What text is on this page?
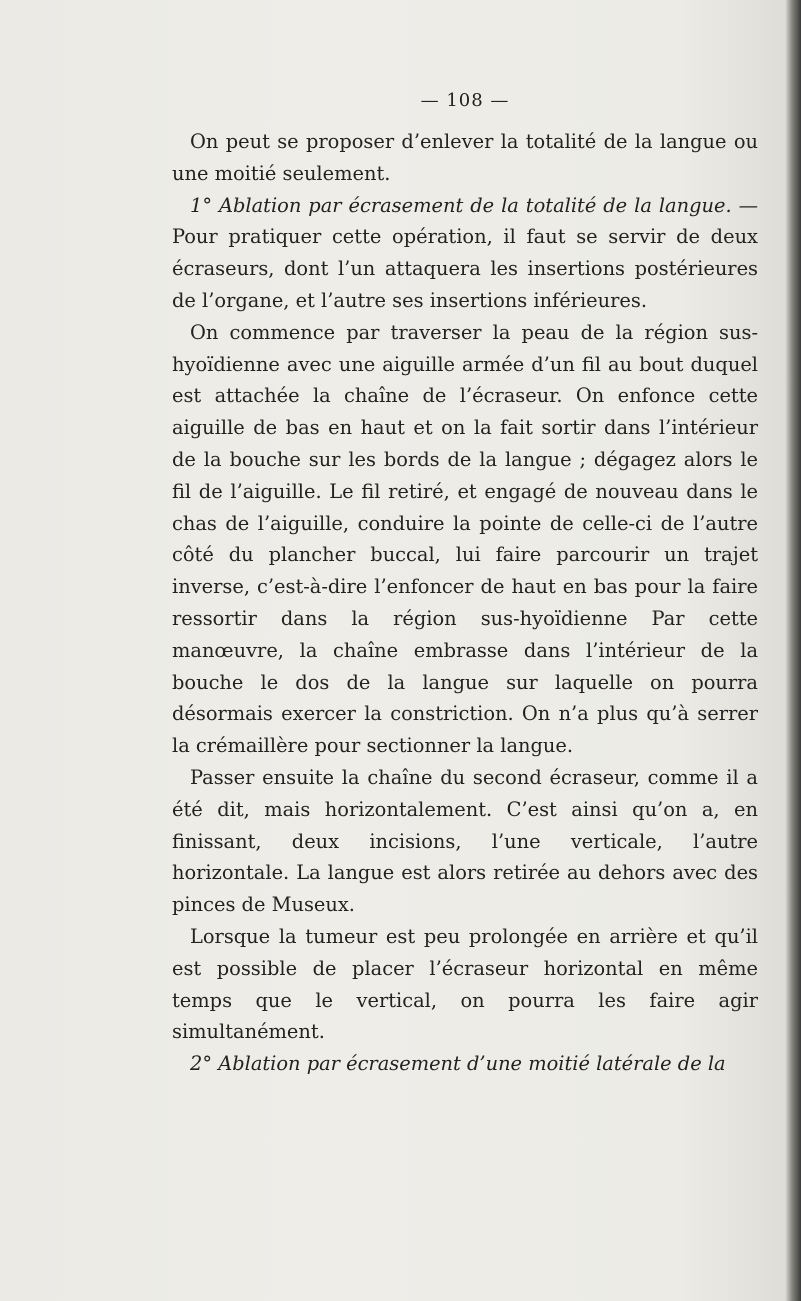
— 108 —

On peut se proposer d’enlever la totalité de la langue ou une moitié seulement.

1° Ablation par écrasement de la totalité de la langue. — Pour pratiquer cette opération, il faut se servir de deux écraseurs, dont l’un attaquera les insertions postérieures de l’organe, et l’autre ses insertions inférieures.

On commence par traverser la peau de la région sus-hyoïdienne avec une aiguille armée d’un fil au bout duquel est attachée la chaîne de l’écraseur. On enfonce cette aiguille de bas en haut et on la fait sortir dans l’intérieur de la bouche sur les bords de la langue ; dégagez alors le fil de l’aiguille. Le fil retiré, et engagé de nouveau dans le chas de l’aiguille, conduire la pointe de celle-ci de l’autre côté du plancher buccal, lui faire parcourir un trajet inverse, c’est-à-dire l’enfoncer de haut en bas pour la faire ressortir dans la région sus-hyoïdienne Par cette manœuvre, la chaîne embrasse dans l’intérieur de la bouche le dos de la langue sur laquelle on pourra désormais exercer la constriction. On n’a plus qu’à serrer la crémaillère pour sectionner la langue.

Passer ensuite la chaîne du second écraseur, comme il a été dit, mais horizontalement. C’est ainsi qu’on a, en finissant, deux incisions, l’une verticale, l’autre horizontale. La langue est alors retirée au dehors avec des pinces de Museux.

Lorsque la tumeur est peu prolongée en arrière et qu’il est possible de placer l’écraseur horizontal en même temps que le vertical, on pourra les faire agir simultanément.

2° Ablation par écrasement d’une moitié latérale de la
